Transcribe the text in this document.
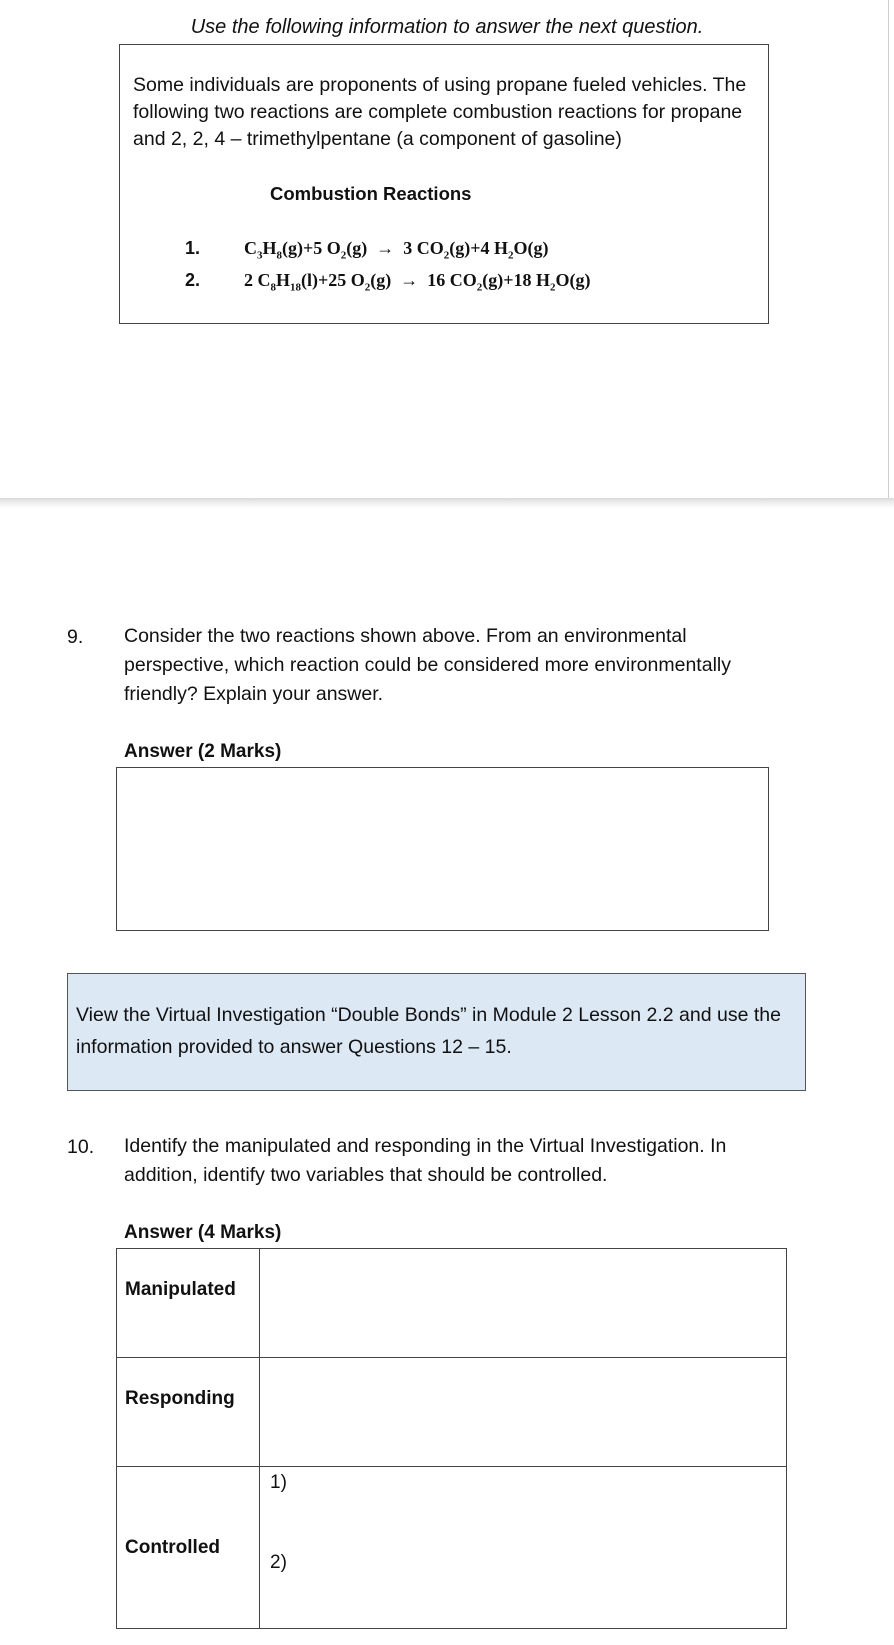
Use the following information to answer the next question.
Some individuals are proponents of using propane fueled vehicles. The following two reactions are complete combustion reactions for propane and 2, 2, 4 – trimethylpentane (a component of gasoline)
Combustion Reactions
1. $C_3H_8(g)+5$ $O_2(g) \to 3$ $CO_2(g)+4$ $H_2O(g)$
2. 2 $C_8H_{18}(l)+25$ $O_2(g) \to 16$ $CO_2(g)+18$ $H_2O(g)$
9. Consider the two reactions shown above. From an environmental perspective, which reaction could be considered more environmentally friendly? Explain your answer.
Answer (2 Marks)
View the Virtual Investigation “Double Bonds” in Module 2 Lesson 2.2 and use the information provided to answer Questions 12 – 15.
10. Identify the manipulated and responding in the Virtual Investigation. In addition, identify two variables that should be controlled.
Answer (4 Marks)
Manipulated	

Responding	

Controlled	1)
2)
